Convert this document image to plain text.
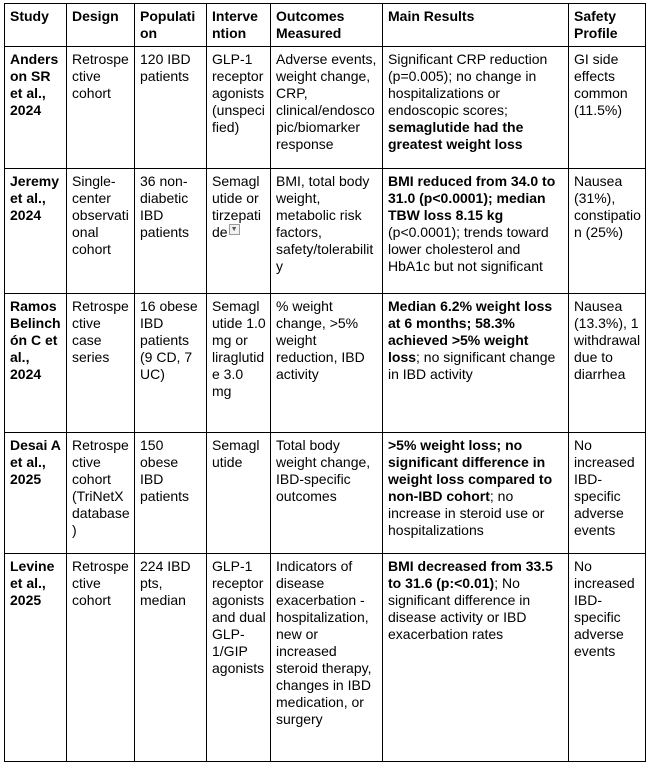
Study	Design	Population	Intervention	Outcomes Measured	Main Results	Safety Profile
Anderson SR et al., 2024	Retrospective cohort	120 IBD patients	GLP-1 receptor agonists (unspecified)	Adverse events, weight change, CRP, clinical/endoscopic/biomarker response	Significant CRP reduction (p=0.005); no change in hospitalizations or endoscopic scores; semaglutide had the greatest weight loss	GI side effects common (11.5%)
Jeremy et al., 2024	Single-center observational cohort	36 non-diabetic IBD patients	Semaglutide or tirzepatide ▼	BMI, total body weight, metabolic risk factors, safety/tolerability	BMI reduced from 34.0 to 31.0 (p<0.0001); median TBW loss 8.15 kg (p<0.0001); trends toward lower cholesterol and HbA1c but not significant	Nausea (31%), constipation (25%)
Ramos Belinchón C et al., 2024	Retrospective case series	16 obese IBD patients (9 CD, 7 UC)	Semaglutide 1.0 mg or liraglutide 3.0 mg	% weight change, >5% weight reduction, IBD activity	Median 6.2% weight loss at 6 months; 58.3% achieved >5% weight loss; no significant change in IBD activity	Nausea (13.3%), 1 withdrawal due to diarrhea
Desai A et al., 2025	Retrospective cohort (TriNetX database)	150 obese IBD patients	Semaglutide	Total body weight change, IBD-specific outcomes	>5% weight loss; no significant difference in weight loss compared to non-IBD cohort; no increase in steroid use or hospitalizations	No increased IBD-specific adverse events
Levine et al., 2025	Retrospective cohort	224 IBD pts, median	GLP-1 receptor agonists and dual GLP-1/GIP agonists	Indicators of disease exacerbation - hospitalization, new or increased steroid therapy, changes in IBD medication, or surgery	BMI decreased from 33.5 to 31.6 (p:<0.01); No significant difference in disease activity or IBD exacerbation rates	No increased IBD-specific adverse events
